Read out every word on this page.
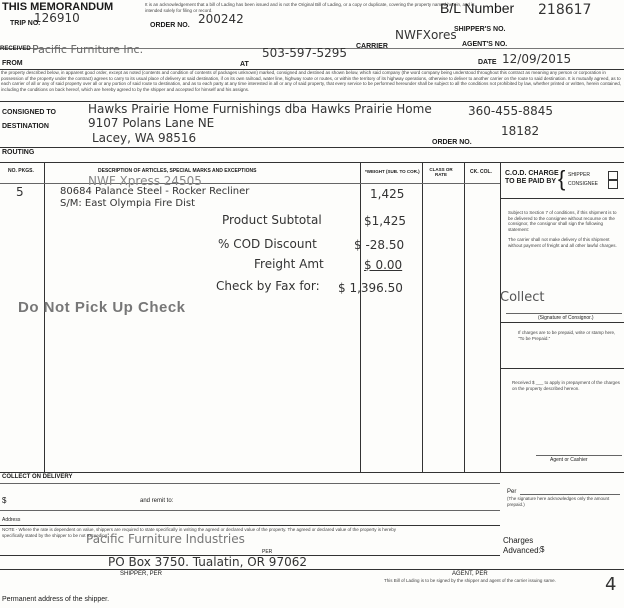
THIS MEMORANDUM	It is an acknowledgement that a bill of Lading has been issued and is not the Original Bill of Lading, or a copy or duplicate, covering the property named herein, and is intended solely for filing or record.
TRIP NO.
126910
ORDER NO. 200242
B/L Number 218617
SHIPPER'S NO.
NWFXores
CARRIER	AGENT'S NO.
DATE 12/09/2015
RECEIVED Pacific Furniture Inc.	503-597-5295
FROM	AT
the property described below, in apparent good order, except as noted (contents and condition of contents of packages unknown) marked, consigned and destined as shown below, which said company (the word company being understood throughout this contract as meaning any person or corporation in possession of the property under the contract) agrees to carry to its usual place of delivery at said destination, if on its own railroad, water line, highway route or routes, or within the territory of its highway operations, otherwise to deliver to another carrier on the route to said destination. It is mutually agreed, as to each carrier of all or any of said property over all or any portion of said route to destination, and as to each party at any time interested in all or any of said property, that every service to be performed hereunder shall be subject to all the conditions not prohibited by law, whether printed or written, herein contained, including the conditions on back hereof, which are hereby agreed to by the shipper and accepted for himself and his assigns.
CONSIGNED TO
DESTINATION
ROUTING
Hawks Prairie Home Furnishings dba Hawks Prairie Home	360-455-8845
9107 Polans Lane NE
Lacey, WA 98516	18182
ORDER NO.
NO. PKGS.	DESCRIPTION OF ARTICLES, SPECIAL MARKS AND EXCEPTIONS	*WEIGHT (SUB. TO COR.)	CLASS OR RATE	CK. COL. C.O.D. CHARGE TO BE PAID BY { SHIPPER
CONSIGNEE
NWF Xpress 24505
5	80684 Palance Steel - Rocker Recliner
S/M: East Olympia Fire Dist
1,425
Product Subtotal	$1,425
% COD Discount	$ -28.50
Freight Amt	$ 0.00
Check by Fax for: $ 1,396.50
Do Not Pick Up Check
Collect
Subject to Section 7 of conditions, if this shipment is to be delivered to the consignee without recourse on the consignor, the consignor shall sign the following statement:
The carrier shall not make delivery of this shipment without payment of freight and all other lawful charges.
(Signature of Consignor.)
If charges are to be prepaid, write or stamp here, "To be Prepaid."
Received $ ___ to apply in prepayment of the charges on the property described hereon.
Agent or Cashier
Per
(The signature here acknowledges only the amount prepaid.)
Charges Advanced: $
COLLECT ON DELIVERY
$	and remit to:
Address
NOTE - Where the rate is dependent on value, shippers are required to state specifically in writing the agreed or declared value of the property. The agreed or declared value of the property is hereby specifically stated by the shipper to be not exceeding
Pacific Furniture Industries
PER
PO Box 3750. Tualatin, OR 97062
SHIPPER, PER	AGENT, PER
This Bill of Lading is to be signed by the shipper and agent of the carrier issuing same.	4
Permanent address of the shipper.
